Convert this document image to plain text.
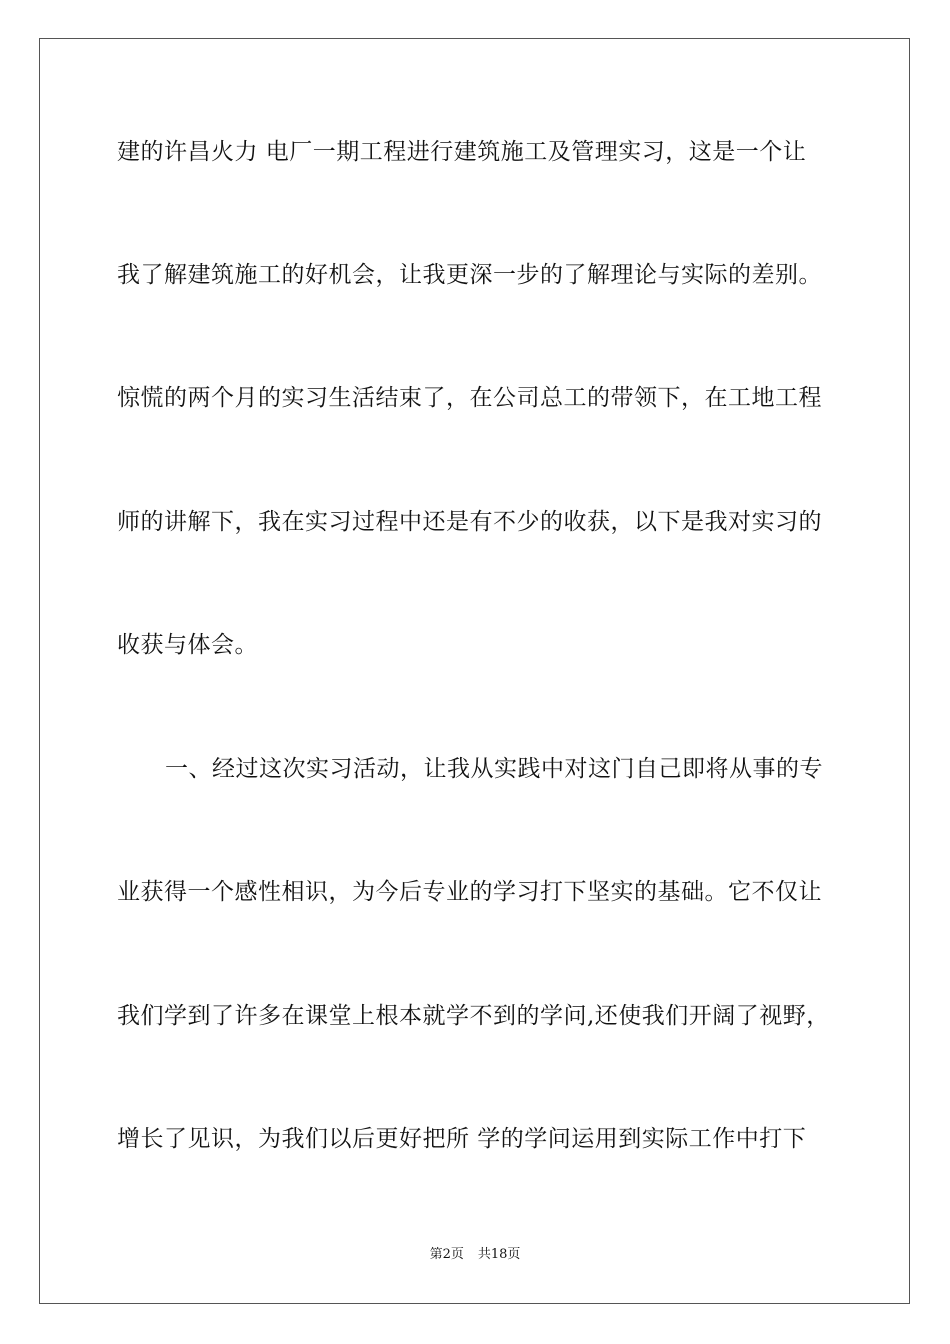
建的许昌火力 电厂一期工程进行建筑施工及管理实习，这是一个让
我了解建筑施工的好机会，让我更深一步的了解理论与实际的差别。
惊慌的两个月的实习生活结束了，在公司总工的带领下，在工地工程
师的讲解下，我在实习过程中还是有不少的收获，以下是我对实习的
收获与体会。
一、经过这次实习活动，让我从实践中对这门自己即将从事的专
业获得一个感性相识，为今后专业的学习打下坚实的基础。它不仅让
我们学到了许多在课堂上根本就学不到的学问,还使我们开阔了视野，
增长了见识，为我们以后更好把所 学的学问运用到实际工作中打下
第2页 共18页
